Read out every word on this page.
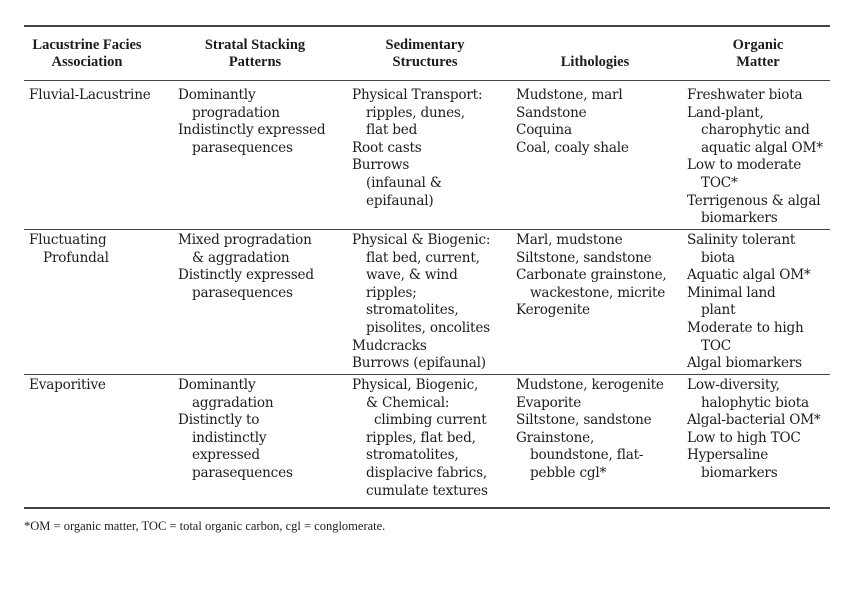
Lacustrine Facies
Association
Stratal Stacking
Patterns
Sedimentary
Structures	Lithologies
Organic
Matter
Fluvial-Lacustrine Dominantly
progradation
Indistinctly expressed
parasequences
Physical Transport:
ripples, dunes,
flat bed
Root casts
Burrows
(infaunal &
epifaunal)
Mudstone, marl
Sandstone
Coquina
Coal, coaly shale
Freshwater biota
Land-plant,
charophytic and
aquatic algal OM*
Low to moderate
TOC*
Terrigenous & algal
biomarkers
Fluctuating
Profundal
Mixed progradation
& aggradation
Distinctly expressed
parasequences
Physical & Biogenic:
flat bed, current,
wave, & wind
ripples;
stromatolites,
pisolites, oncolites
Mudcracks
Burrows (epifaunal)
Marl, mudstone
Siltstone, sandstone
Carbonate grainstone,
wackestone, micrite
Kerogenite
Salinity tolerant
biota
Aquatic algal OM*
Minimal land
plant
Moderate to high
TOC
Algal biomarkers
Evaporitive	Dominantly
aggradation
Distinctly to
indistinctly
expressed
parasequences
Physical, Biogenic,
& Chemical:
climbing current
ripples, flat bed,
stromatolites,
displacive fabrics,
cumulate textures
Mudstone, kerogenite
Evaporite
Siltstone, sandstone
Grainstone,
boundstone, flat-
pebble cgl*
Low-diversity,
halophytic biota
Algal-bacterial OM*
Low to high TOC
Hypersaline
biomarkers
*OM = organic matter, TOC = total organic carbon, cgl = conglomerate.
